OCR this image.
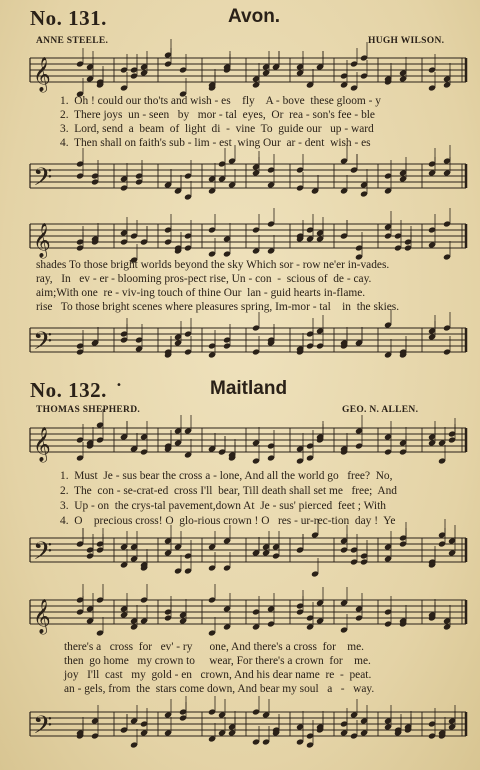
No. 131.	Avon.
ANNE STEELE.	HUGH WILSON.
𝄞
1.  Oh ! could our tho'ts and wish - es    fly    A - bove  these gloom - y
2.  There joys  un - seen   by   mor - tal  eyes,  Or  rea - son's fee - ble
3.  Lord, send  a  beam  of  light  di  -  vine  To  guide our   up - ward
4.  Then shall on faith's sub - lim - est  wing Our  ar - dent  wish - es
𝄢
𝄞
shades To those bright worlds beyond the sky Which sor - row ne'er in-vades.
ray,   In   ev - er - blooming pros-pect rise, Un - con  -  scious of  de - cay.
aim;With one  re - viv-ing touch of thine Our  lan - guid hearts in-flame.
rise   To those bright scenes where pleasures spring, Im-mor - tal    in  the skies.
𝄢
No. 132. •	Maitland
THOMAS SHEPHERD.	GEO. N. ALLEN.
𝄞
1.  Must  Je - sus bear the cross a - lone, And all the world go   free?  No,
2.  The  con - se-crat-ed  cross I'll  bear, Till death shall set me   free;  And
3.  Up - on  the crys-tal pavement,down At  Je - sus' pierced  feet ; With
4.  O    precious cross! O  glo-rious crown ! O   res - ur-rec-tion  day !  Ye
𝄢
𝄞
there's a   cross  for   ev' - ry      one, And there's a cross  for    me.
then  go home   my crown to     wear, For there's a crown  for    me.
joy   I'll  cast   my  gold - en   crown, And his dear name  re  -  peat.
an - gels, from  the  stars come down, And bear my soul   a   -   way.
𝄢
